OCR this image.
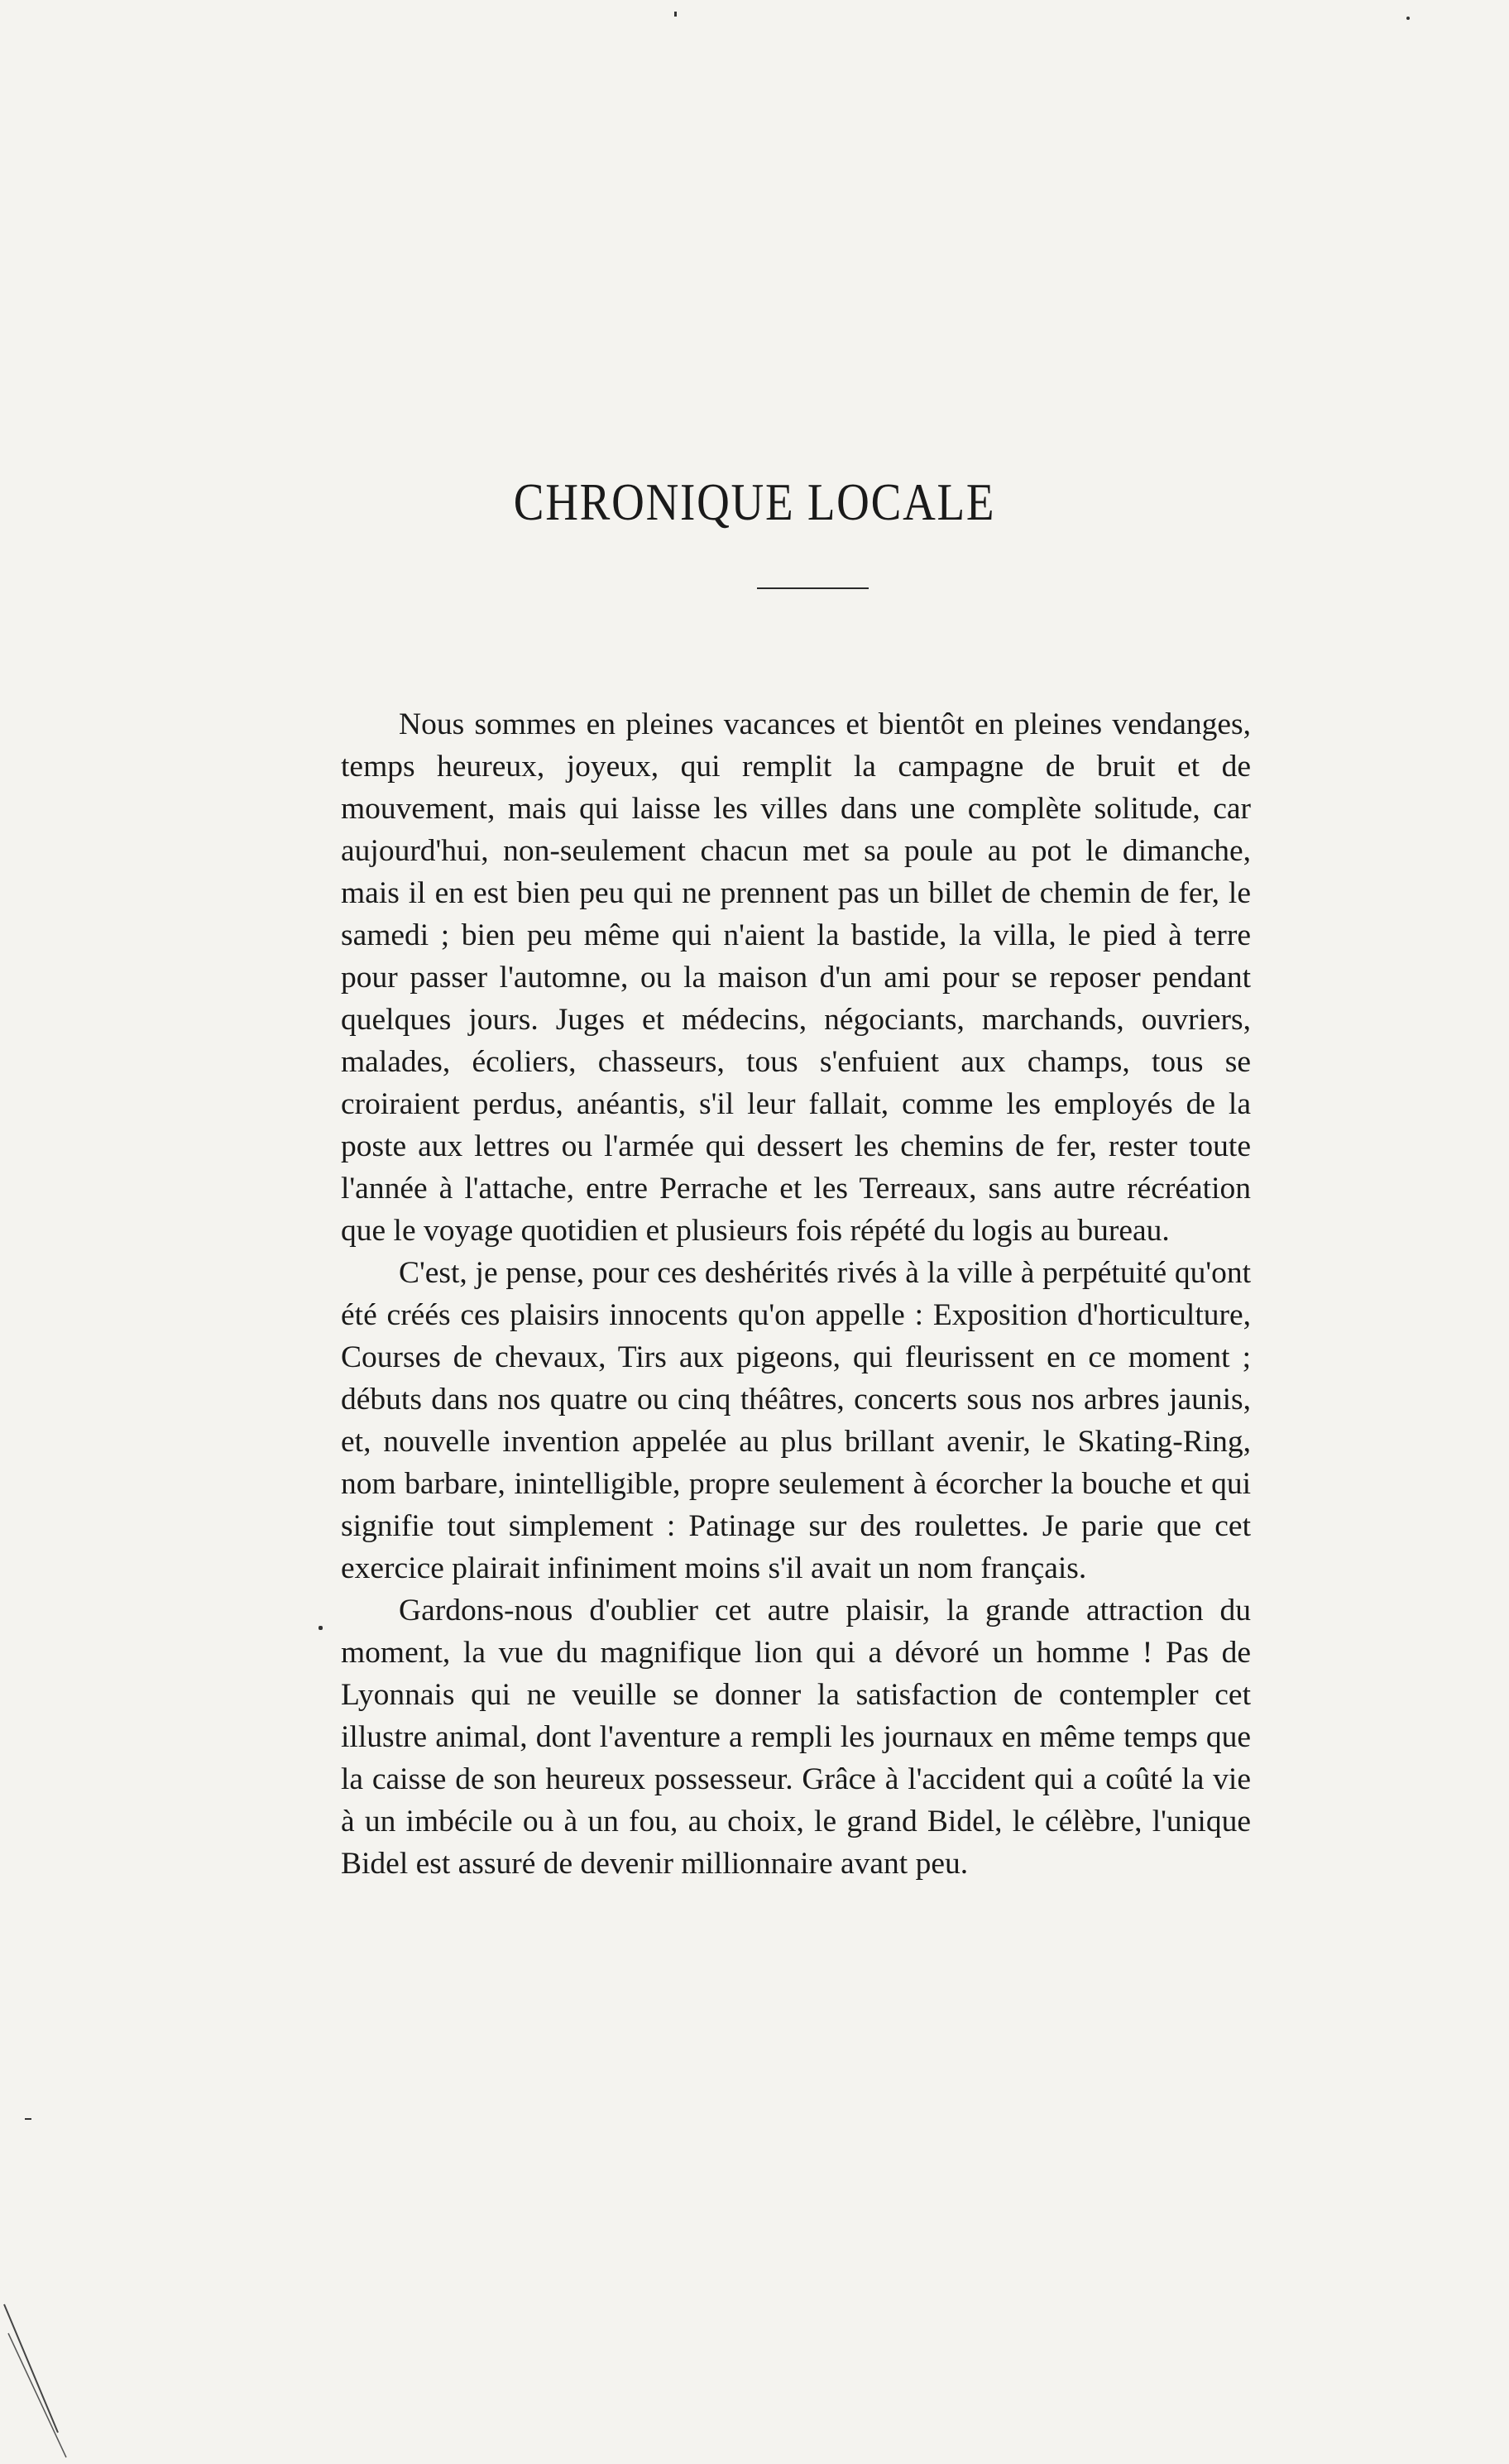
CHRONIQUE LOCALE

Nous sommes en pleines vacances et bientôt en pleines vendanges, temps heureux, joyeux, qui remplit la campagne de bruit et de mouvement, mais qui laisse les villes dans une complète solitude, car aujourd'hui, non-seulement chacun met sa poule au pot le dimanche, mais il en est bien peu qui ne prennent pas un billet de chemin de fer, le samedi ; bien peu même qui n'aient la bastide, la villa, le pied à terre pour passer l'automne, ou la maison d'un ami pour se reposer pendant quelques jours. Juges et médecins, négociants, marchands, ouvriers, malades, écoliers, chasseurs, tous s'enfuient aux champs, tous se croiraient perdus, anéantis, s'il leur fallait, comme les employés de la poste aux lettres ou l'armée qui dessert les chemins de fer, rester toute l'année à l'attache, entre Perrache et les Terreaux, sans autre récréation que le voyage quotidien et plusieurs fois répété du logis au bureau.

C'est, je pense, pour ces deshérités rivés à la ville à perpétuité qu'ont été créés ces plaisirs innocents qu'on appelle : Exposition d'horticulture, Courses de chevaux, Tirs aux pigeons, qui fleurissent en ce moment ; débuts dans nos quatre ou cinq théâtres, concerts sous nos arbres jaunis, et, nouvelle invention appelée au plus brillant avenir, le Skating-Ring, nom barbare, inintelligible, propre seulement à écorcher la bouche et qui signifie tout simplement : Patinage sur des roulettes. Je parie que cet exercice plairait infiniment moins s'il avait un nom français.

Gardons-nous d'oublier cet autre plaisir, la grande attraction du moment, la vue du magnifique lion qui a dévoré un homme ! Pas de Lyonnais qui ne veuille se donner la satisfaction de contempler cet illustre animal, dont l'aventure a rempli les journaux en même temps que la caisse de son heureux possesseur. Grâce à l'accident qui a coûté la vie à un imbécile ou à un fou, au choix, le grand Bidel, le célèbre, l'unique Bidel est assuré de devenir millionnaire avant peu.
